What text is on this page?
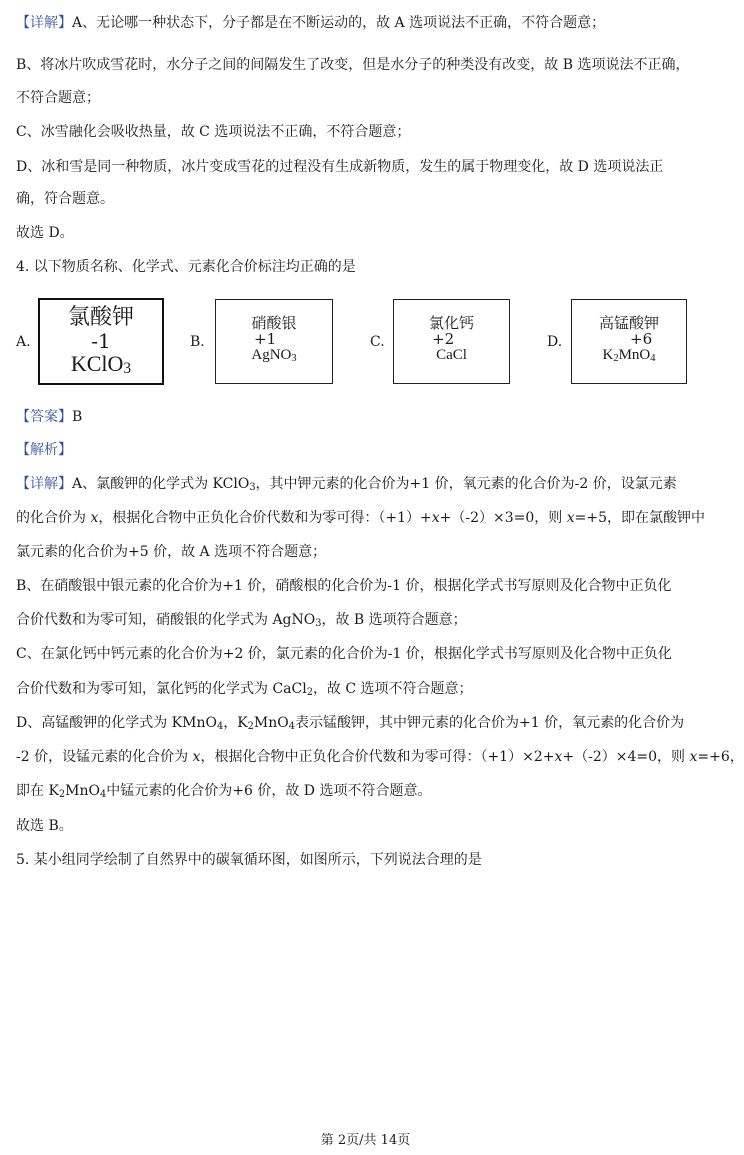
【详解】A、无论哪一种状态下，分子都是在不断运动的，故 A 选项说法不正确，不符合题意；
B、将冰片吹成雪花时，水分子之间的间隔发生了改变，但是水分子的种类没有改变，故 B 选项说法不正确，
不符合题意；
C、冰雪融化会吸收热量，故 C 选项说法不正确，不符合题意；
D、冰和雪是同一种物质，冰片变成雪花的过程没有生成新物质，发生的属于物理变化，故 D 选项说法正
确，符合题意。
故选 D。
4. 以下物质名称、化学式、元素化合价标注均正确的是
A.
氯酸钾
-1
KClO$_3$
B.
硝酸银
+1
AgNO$_3$
C.
氯化钙
+2
CaCl
D.
高锰酸钾
+6
$K_2MnO_4$
【答案】B
【解析】
【详解】A、氯酸钾的化学式为 KClO$_3$，其中钾元素的化合价为+1 价，氧元素的化合价为-2 价，设氯元素
的化合价为 x，根据化合物中正负化合价代数和为零可得：（+1）+x+（-2）×3=0，则 x=+5，即在氯酸钾中
氯元素的化合价为+5 价，故 A 选项不符合题意；
B、在硝酸银中银元素的化合价为+1 价，硝酸根的化合价为-1 价，根据化学式书写原则及化合物中正负化
合价代数和为零可知，硝酸银的化学式为 AgNO$_3$，故 B 选项符合题意；
C、在氯化钙中钙元素的化合价为+2 价，氯元素的化合价为-1 价，根据化学式书写原则及化合物中正负化
合价代数和为零可知，氯化钙的化学式为 CaCl$_2$，故 C 选项不符合题意；
D、高锰酸钾的化学式为 KMnO$_4$，$K_2MnO_4$表示锰酸钾，其中钾元素的化合价为+1 价，氧元素的化合价为
-2 价，设锰元素的化合价为 x，根据化合物中正负化合价代数和为零可得：（+1）×2+x+（-2）×4=0，则 x=+6，
即在 $K_2MnO_4$中锰元素的化合价为+6 价，故 D 选项不符合题意。
故选 B。
5. 某小组同学绘制了自然界中的碳氧循环图，如图所示，下列说法合理的是
第 2页/共 14页
